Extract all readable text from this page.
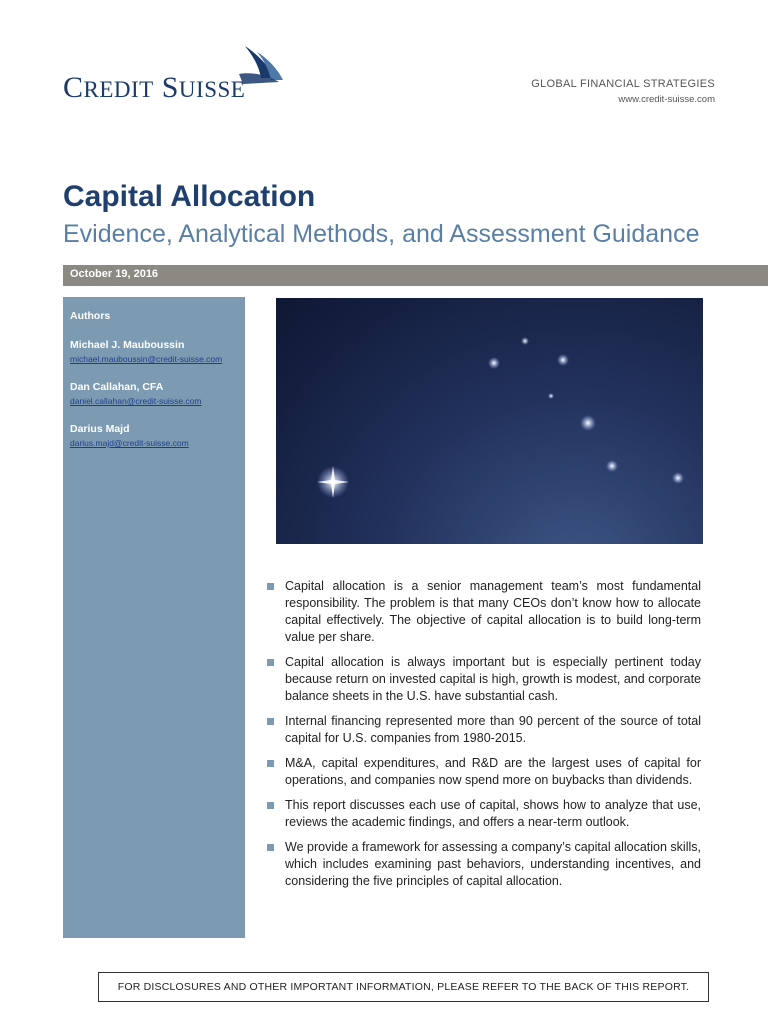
CREDIT SUISSE	GLOBAL FINANCIAL STRATEGIES
www.credit-suisse.com
Capital Allocation
Evidence, Analytical Methods, and Assessment Guidance
October 19, 2016
Authors
Michael J. Mauboussin
michael.mauboussin@credit-suisse.com
Dan Callahan, CFA
daniel.callahan@credit-suisse.com
Darius Majd
darius.majd@credit-suisse.com
Capital allocation is a senior management team’s most fundamental responsibility. The problem is that many CEOs don’t know how to allocate capital effectively. The objective of capital allocation is to build long-term value per share.
Capital allocation is always important but is especially pertinent today because return on invested capital is high, growth is modest, and corporate balance sheets in the U.S. have substantial cash.
Internal financing represented more than 90 percent of the source of total capital for U.S. companies from 1980-2015.
M&A, capital expenditures, and R&D are the largest uses of capital for operations, and companies now spend more on buybacks than dividends.
This report discusses each use of capital, shows how to analyze that use, reviews the academic findings, and offers a near-term outlook.
We provide a framework for assessing a company’s capital allocation skills, which includes examining past behaviors, understanding incentives, and considering the five principles of capital allocation.
FOR DISCLOSURES AND OTHER IMPORTANT INFORMATION, PLEASE REFER TO THE BACK OF THIS REPORT.
